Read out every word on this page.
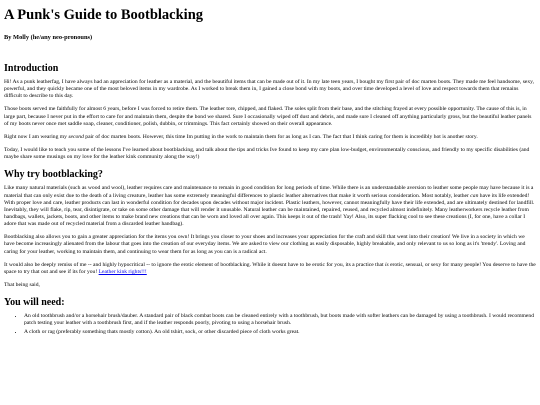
A Punk's Guide to Bootblacking
By Molly (he/any neo-pronouns)
Introduction

Hi! As a punk leatherfag, I have always had an appreciation for leather as a material, and the beautiful items that can be made out of it. In my late teen years, I bought my first pair of doc marten boots. They made me feel handsome, sexy, powerful, and they quickly became one of the most beloved items in my wardrobe. As I worked to break them in, I gained a close bond with my boots, and over time developed a level of love and respect towards them that remains difficult to describe to this day.

Those boots served me faithfully for almost 6 years, before I was forced to retire them. The leather tore, chipped, and flaked. The soles split from their base, and the stitching frayed at every possible opportunity. The cause of this is, in large part, because I never put in the effort to care for and maintain them, despite the bond we shared. Sure I occasionally wiped off dust and debris, and made sure I cleaned off anything particularly gross, but the beautiful leather panels of my boots never once met saddle soap, cleaner, conditioner, polish, dubbin, or trimmings. This fact certainly showed on their overall appearance.

Right now I am wearing my second pair of doc marten boots. However, this time Im putting in the work to maintain them for as long as I can. The fact that I think caring for them is incredibly hot is another story.

Today, I would like to teach you some of the lessons I've learned about bootblacking, and talk about the tips and tricks Ive found to keep my care plan low-budget, environmentally conscious, and friendly to my specific disabilities (and maybe share some musings on my love for the leather kink community along the way!)

Why try bootblacking?

Like many natural materials (such as wood and wool), leather requires care and maintenance to remain in good condition for long periods of time. While there is an understandable aversion to leather some people may have because it is a material that can only exist due to the death of a living creature, leather has some extremely meaningful differences to plastic leather alternatives that make it worth serious consideration. Most notably, leather can have its life extended! With proper love and care, leather products can last in wonderful condition for decades upon decades without major incident. Plastic leathers, however, cannot meaningfully have their life extended, and are ultimately destined for landfill. Inevitably, they will flake, rip, tear, disintigrate, or take on some other damage that will render it unusable. Natural leather can be maintained, repaired, reused, and recycled almost indefinitely. Many leatherworkers recycle leather from handbags, wallets, jackets, boots, and other items to make brand new creations that can be worn and loved all over again. This keeps it out of the trash! Yay! Also, its super flacking cool to see these creations (I, for one, have a collar I adore that was made out of recycled material from a discarded leather handbag).

Bootblacking also allows you to gain a greater appreciation for the items you own! It brings you closer to your shoes and increases your appreciation for the craft and skill that went into their creation! We live in a society in which we have become increasingly alienated from the labour that goes into the creation of our everyday items. We are asked to view our clothing as easily disposable, highly breakable, and only relevant to us so long as it's 'trendy'. Loving and caring for your leather, working to maintain them, and continuing to wear them for as long as you can is a radical act.

It would also be deeply remiss of me -- and highly hypocritical -- to ignore the erotic element of bootblacking. While it doesnt have to be erotic for you, its a practice that is erotic, sensual, or sexy for many people! You deserve to have the space to try that out and see if its for you! Leather kink rights!!!

That being said,

You will need:
• An old toothbrush and/or a horsehair brush/dauber. A standard pair of black combat boots can be cleaned entirely with a toothbrush, but boots made with softer leathers can be damaged by using a toothbrush. I would recommend patch testing your leather with a toothbrush first, and if the leather responds poorly, pivoting to using a horsehair brush.
• A cloth or rag (preferably something thats mostly cotton). An old tshirt, sock, or other discarded piece of cloth works great.
